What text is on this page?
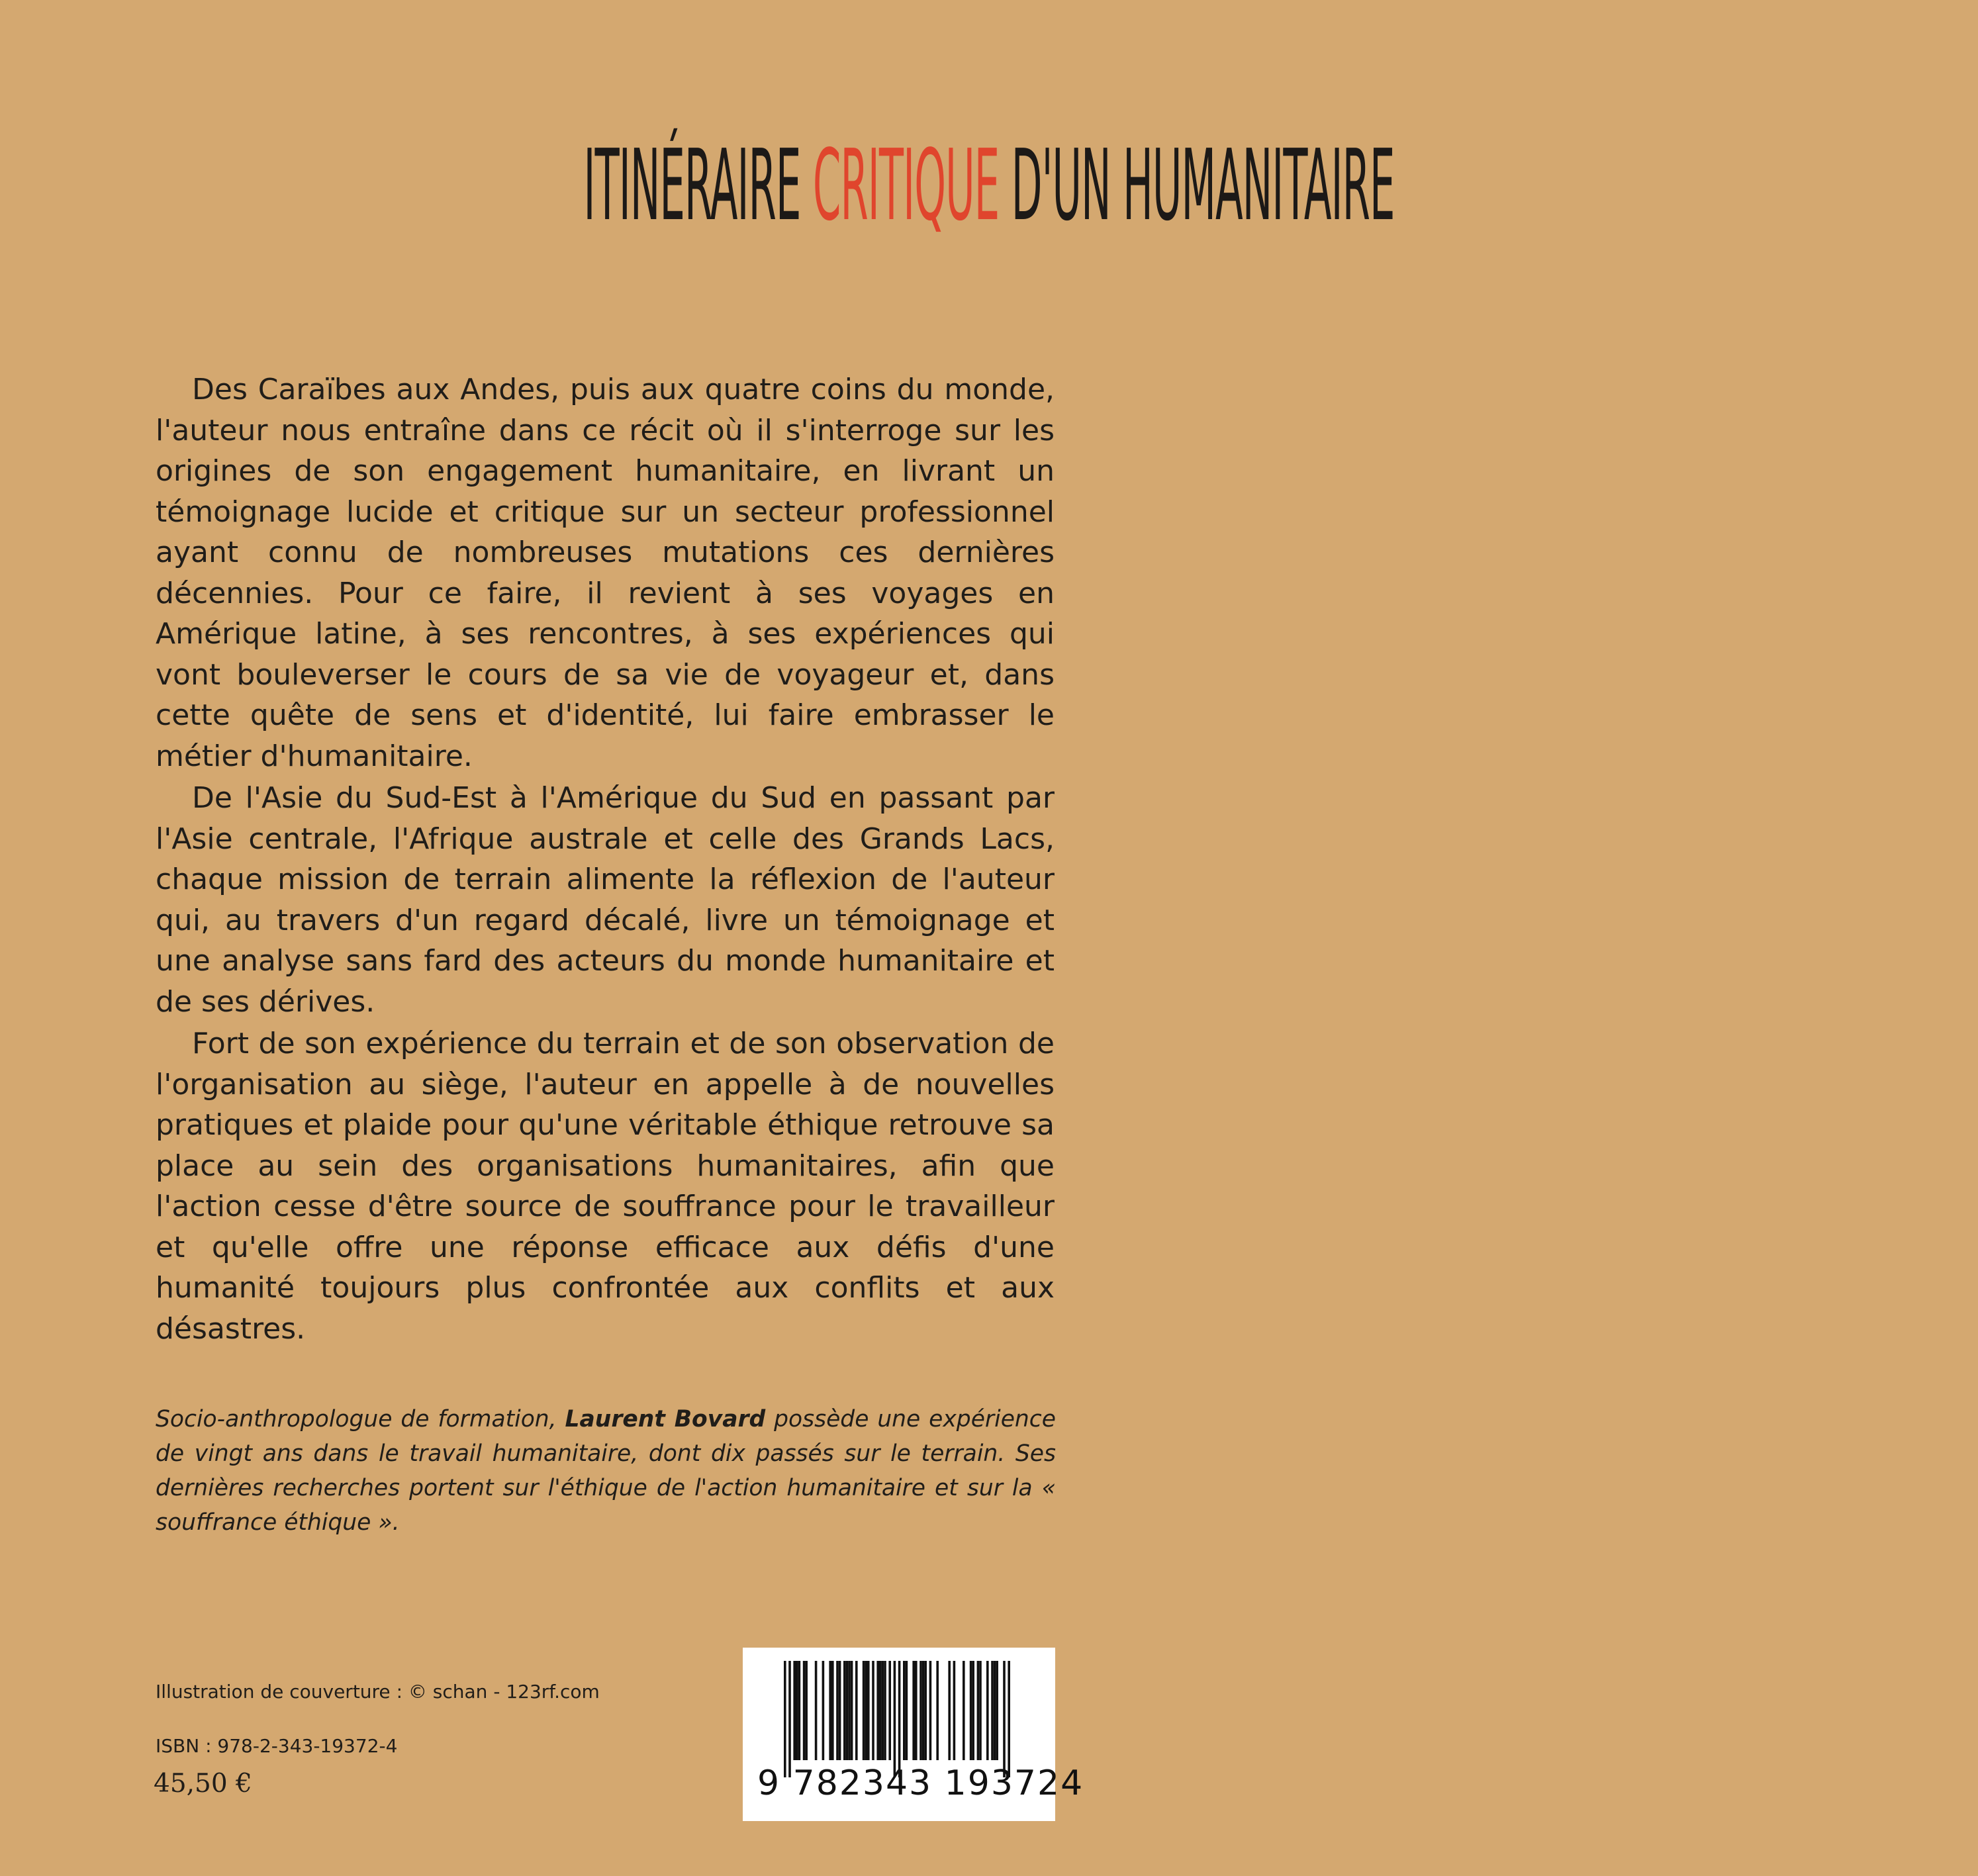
ITINÉRAIRE CRITIQUE D'UN HUMANITAIRE

Des Caraïbes aux Andes, puis aux quatre coins du monde, l'auteur nous entraîne dans ce récit où il s'interroge sur les origines de son engagement humanitaire, en livrant un témoignage lucide et critique sur un secteur professionnel ayant connu de nombreuses mutations ces dernières décennies. Pour ce faire, il revient à ses voyages en Amérique latine, à ses rencontres, à ses expériences qui vont bouleverser le cours de sa vie de voyageur et, dans cette quête de sens et d'identité, lui faire embrasser le métier d'humanitaire.

De l'Asie du Sud-Est à l'Amérique du Sud en passant par l'Asie centrale, l'Afrique australe et celle des Grands Lacs, chaque mission de terrain alimente la réflexion de l'auteur qui, au travers d'un regard décalé, livre un témoignage et une analyse sans fard des acteurs du monde humanitaire et de ses dérives.

Fort de son expérience du terrain et de son observation de l'organisation au siège, l'auteur en appelle à de nouvelles pratiques et plaide pour qu'une véritable éthique retrouve sa place au sein des organisations humanitaires, afin que l'action cesse d'être source de souffrance pour le travailleur et qu'elle offre une réponse efficace aux défis d'une humanité toujours plus confrontée aux conflits et aux désastres.

Socio-anthropologue de formation, Laurent Bovard possède une expérience de vingt ans dans le travail humanitaire, dont dix passés sur le terrain. Ses dernières recherches portent sur l'éthique de l'action humanitaire et sur la « souffrance éthique ».
Illustration de couverture : © schan - 123rf.com
ISBN : 978-2-343-19372-4
45,50 €	9 782343 193724
